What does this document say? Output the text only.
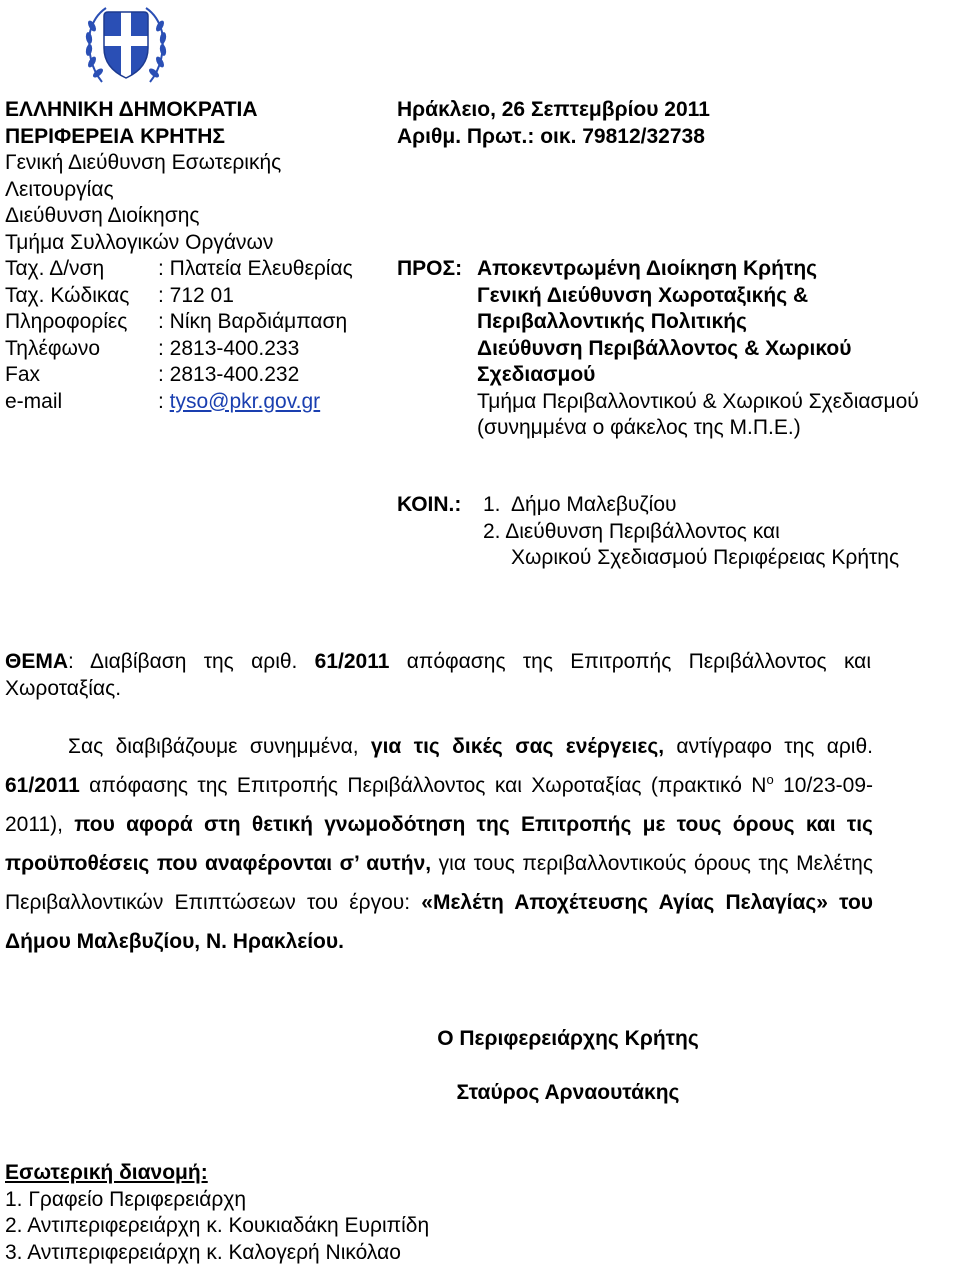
ΕΛΛΗΝΙΚΗ ΔΗΜΟΚΡΑΤΙΑ
ΠΕΡΙΦΕΡΕΙΑ ΚΡΗΤΗΣ
Γενική Διεύθυνση Εσωτερικής
Λειτουργίας
Διεύθυνση Διοίκησης
Τμήμα Συλλογικών Οργάνων
Ταχ. Δ/νση	: Πλατεία Ελευθερίας
Ταχ. Κώδικας : 712 01
Πληροφορίες : Νίκη Βαρδιάμπαση
Τηλέφωνο	: 2813-400.233
Fax	: 2813-400.232
e-mail	: tyso@pkr.gov.gr
Ηράκλειο, 26 Σεπτεμβρίου 2011
Αριθμ. Πρωτ.: οικ. 79812/32738
ΠΡΟΣ: Αποκεντρωμένη Διοίκηση Κρήτης
Γενική Διεύθυνση Χωροταξικής &
Περιβαλλοντικής Πολιτικής
Διεύθυνση Περιβάλλοντος & Χωρικού
Σχεδιασμού
Τμήμα Περιβαλλοντικού & Χωρικού Σχεδιασμού
(συνημμένα ο φάκελος της Μ.Π.Ε.)
ΚΟΙΝ.: 1.  Δήμο Μαλεβυζίου
2. Διεύθυνση Περιβάλλοντος και
Χωρικού Σχεδιασμού Περιφέρειας Κρήτης
ΘΕΜΑ: Διαβίβαση της αριθ. 61/2011 απόφασης της Επιτροπής Περιβάλλοντος και Χωροταξίας.
Σας διαβιβάζουμε συνημμένα, για τις δικές σας ενέργειες, αντίγραφο της αριθ. 61/2011 απόφασης της Επιτροπής Περιβάλλοντος και Χωροταξίας (πρακτικό $N^o$ 10/23-09-2011), που αφορά στη θετική γνωμοδότηση της Επιτροπής με τους όρους και τις προϋποθέσεις που αναφέρονται σ’ αυτήν, για τους περιβαλλοντικούς όρους της Μελέτης Περιβαλλοντικών Επιπτώσεων του έργου: «Μελέτη Αποχέτευσης Αγίας Πελαγίας» του Δήμου Μαλεβυζίου, Ν. Ηρακλείου.
Ο Περιφερειάρχης Κρήτης
Σταύρος Αρναουτάκης
Εσωτερική διανομή:
1. Γραφείο Περιφερειάρχη
2. Αντιπεριφερειάρχη κ. Κουκιαδάκη Ευριπίδη
3. Αντιπεριφερειάρχη κ. Καλογερή Νικόλαο
